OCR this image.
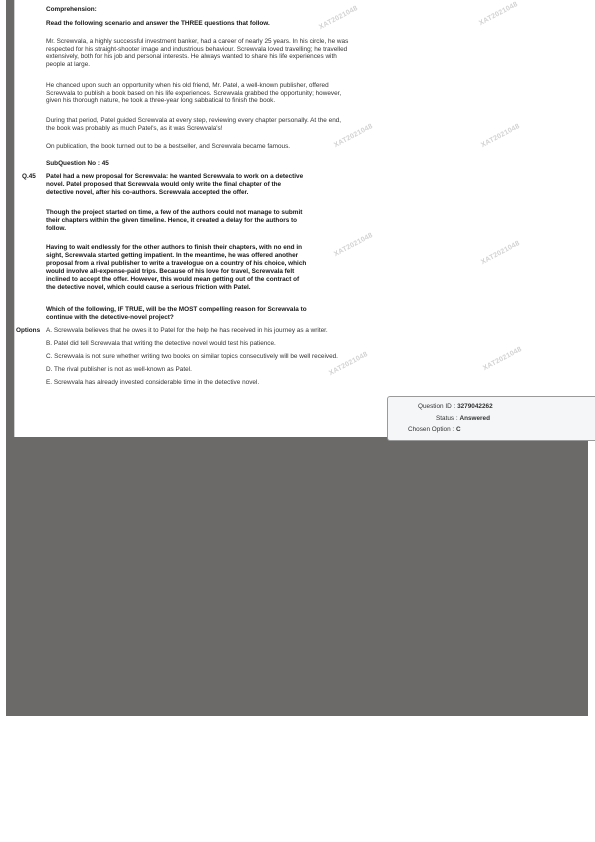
XAT2021048	XAT2021048
XAT2021048	XAT2021048
XAT2021048	XAT2021048
XAT2021048	XAT2021048
Comprehension:
Read the following scenario and answer the THREE questions that follow.
Mr. Screwvala, a highly successful investment banker, had a career of nearly 25 years. In his circle, he was
respected for his straight-shooter image and industrious behaviour. Screwvala loved travelling; he travelled
extensively, both for his job and personal interests. He always wanted to share his life experiences with
people at large.
He chanced upon such an opportunity when his old friend, Mr. Patel, a well-known publisher, offered
Screwvala to publish a book based on his life experiences. Screwvala grabbed the opportunity; however,
given his thorough nature, he took a three-year long sabbatical to finish the book.
During that period, Patel guided Screwvala at every step, reviewing every chapter personally. At the end,
the book was probably as much Patel's, as it was Screwvala's!
On publication, the book turned out to be a bestseller, and Screwvala became famous.
SubQuestion No : 45
Q.45 Patel had a new proposal for Screwvala: he wanted Screwvala to work on a detective
novel. Patel proposed that Screwvala would only write the final chapter of the
detective novel, after his co-authors. Screwvala accepted the offer.
Though the project started on time, a few of the authors could not manage to submit
their chapters within the given timeline. Hence, it created a delay for the authors to
follow.
Having to wait endlessly for the other authors to finish their chapters, with no end in
sight, Screwvala started getting impatient. In the meantime, he was offered another
proposal from a rival publisher to write a travelogue on a country of his choice, which
would involve all-expense-paid trips. Because of his love for travel, Screwvala felt
inclined to accept the offer. However, this would mean getting out of the contract of
the detective novel, which could cause a serious friction with Patel.
Which of the following, IF TRUE, will be the MOST compelling reason for Screwvala to
continue with the detective-novel project?
Options A. Screwvala believes that he owes it to Patel for the help he has received in his journey as a writer.
B. Patel did tell Screwvala that writing the detective novel would test his patience.
C. Screwvala is not sure whether writing two books on similar topics consecutively will be well received.
D. The rival publisher is not as well-known as Patel.
E. Screwvala has already invested considerable time in the detective novel.
Question ID : 3279042262
Status : Answered
Chosen Option : C
